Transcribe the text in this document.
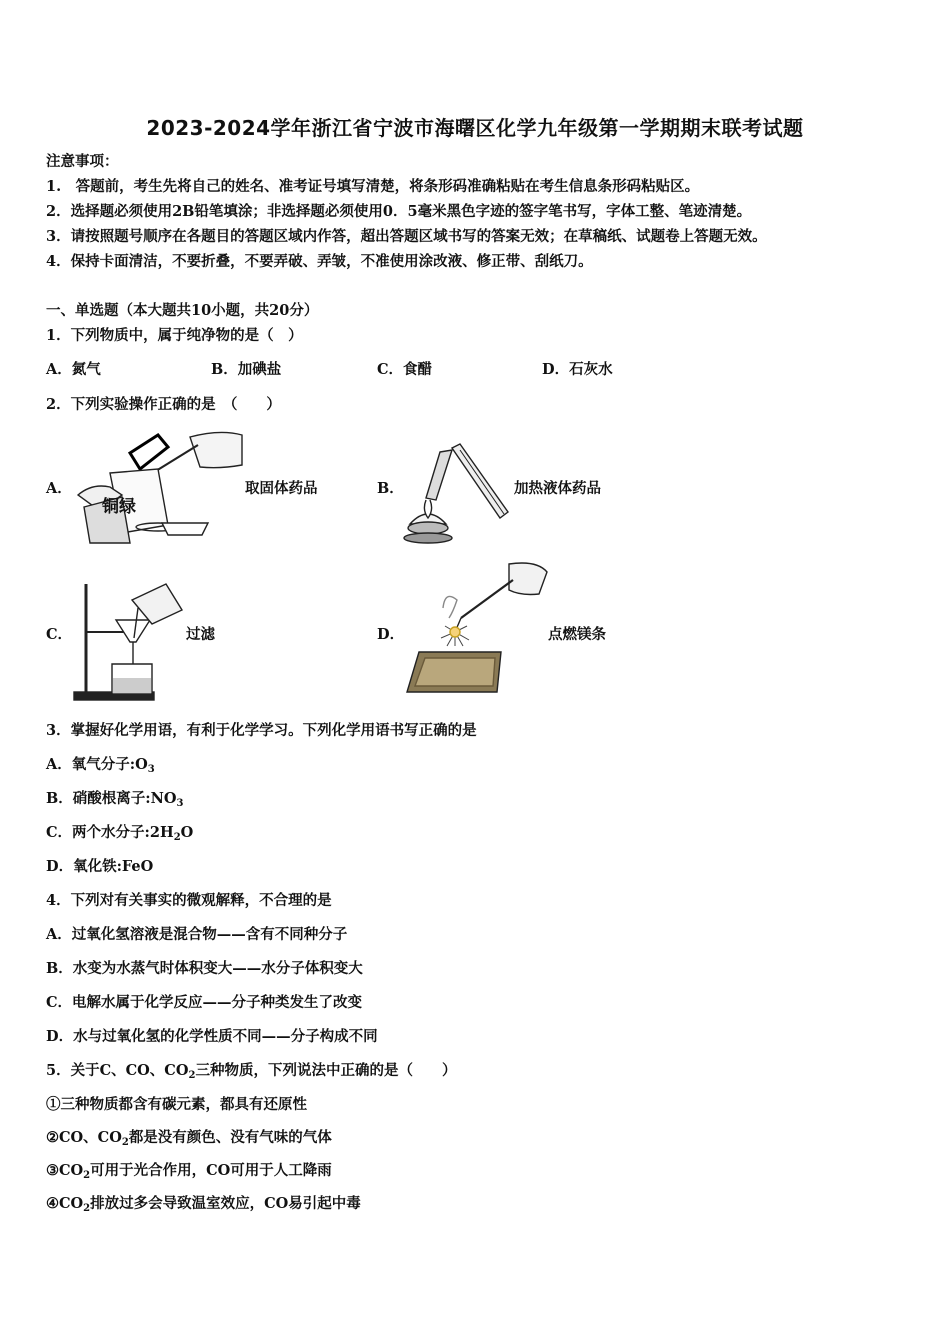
2023-2024学年浙江省宁波市海曙区化学九年级第一学期期末联考试题
注意事项：
1.　答题前，考生先将自己的姓名、准考证号填写清楚，将条形码准确粘贴在考生信息条形码粘贴区。
2．选择题必须使用2B铅笔填涂；非选择题必须使用0．5毫米黑色字迹的签字笔书写，字体工整、笔迹清楚。
3．请按照题号顺序在各题目的答题区域内作答，超出答题区域书写的答案无效；在草稿纸、试题卷上答题无效。
4．保持卡面清洁，不要折叠，不要弄破、弄皱，不准使用涂改液、修正带、刮纸刀。
一、单选题（本大题共10小题，共20分）
1．下列物质中，属于纯净物的是（　）
A．氮气	B．加碘盐	C．食醋	D．石灰水
2．下列实验操作正确的是　（　　）
A．
铜绿
取固体药品	B．	加热液体药品
C．	过滤	D．	点燃镁条
3．掌握好化学用语，有利于化学学习。下列化学用语书写正确的是
A．氧气分子$:O_3$
B．硝酸根离子$:NO_3$
C．两个水分子$:2H_2O$
D．氧化铁:FeO
4．下列对有关事实的微观解释，不合理的是
A．过氧化氢溶液是混合物——含有不同种分子
B．水变为水蒸气时体积变大——水分子体积变大
C．电解水属于化学反应——分子种类发生了改变
D．水与过氧化氢的化学性质不同——分子构成不同
5．关于C、CO、$CO_2$三种物质，下列说法中正确的是（　　）
①三种物质都含有碳元素，都具有还原性
②CO、$CO_2$都是没有颜色、没有气味的气体
$③CO_2$可用于光合作用，CO可用于人工降雨
$④CO_2$排放过多会导致温室效应，CO易引起中毒
